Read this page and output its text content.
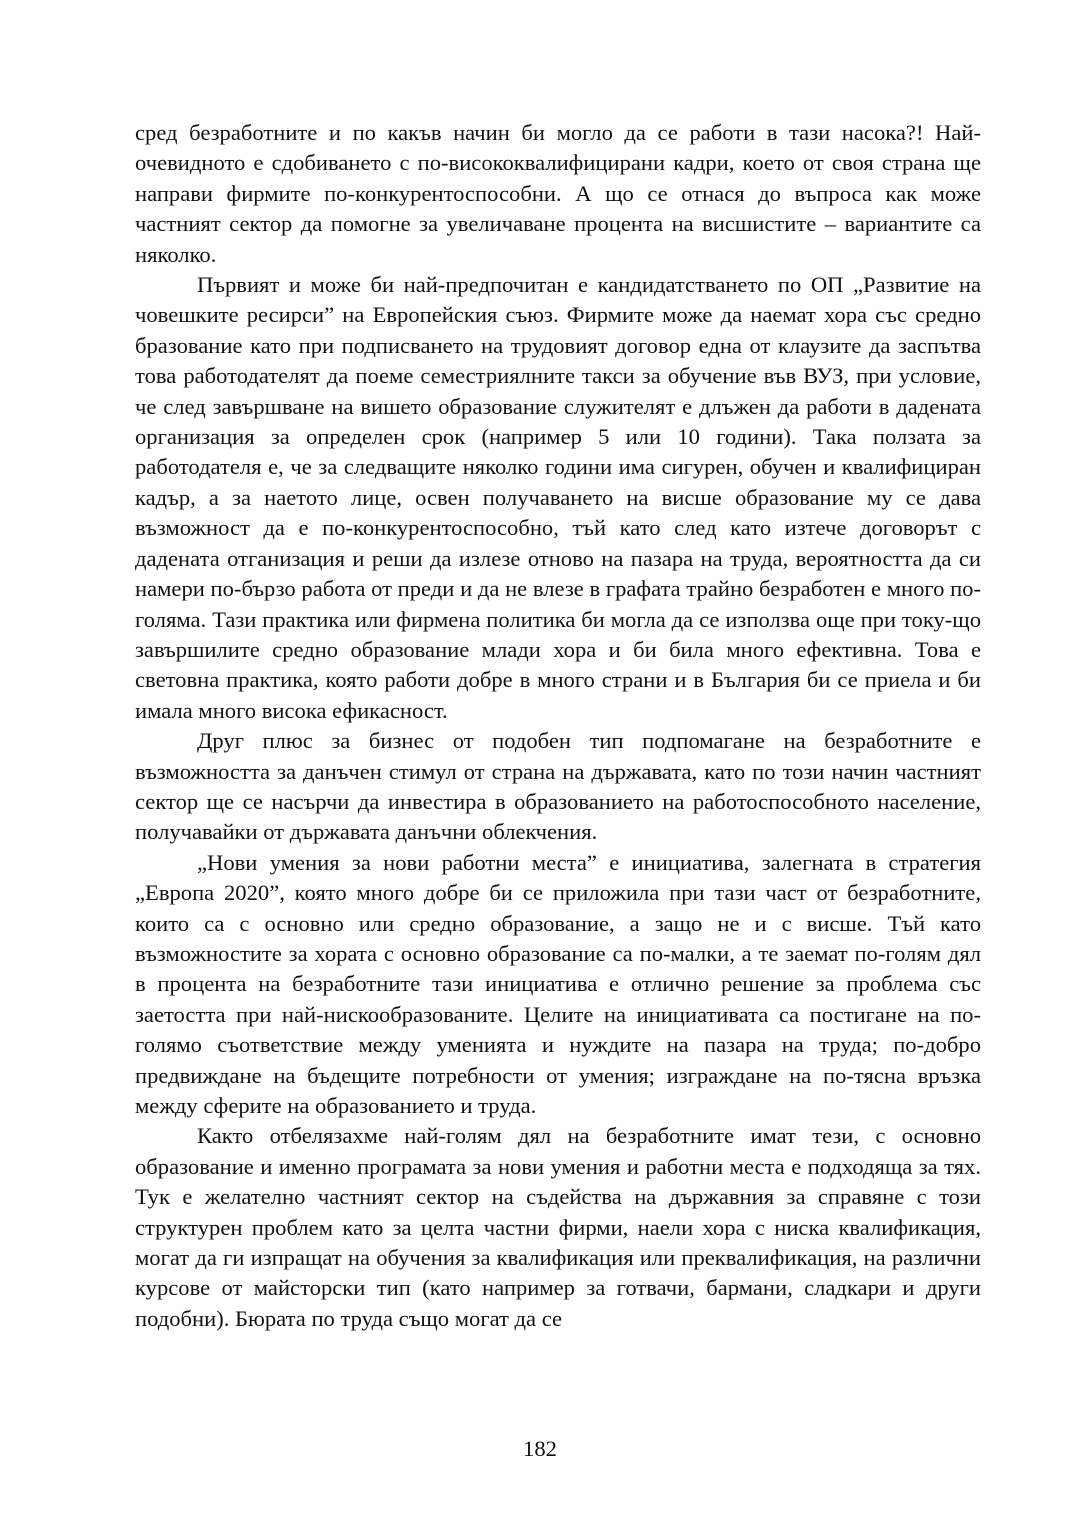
сред безработните и по какъв начин би могло да се работи в тази насока?! Най-очевидното е сдобиването с по-висококвалифицирани кадри, което от своя страна ще направи фирмите по-конкурентоспособни. А що се отнася до въпроса как може частният сектор да помогне за увеличаване процента на висшистите – вариантите са няколко.

Първият и може би най-предпочитан е кандидатстването по ОП „Развитие на човешките ресирси” на Европейския съюз. Фирмите може да наемат хора със средно бразование като при подписването на трудовият договор една от клаузите да заспътва това работодателят да поеме семестриялните такси за обучение във ВУЗ, при условие, че след завършване на вишето образование служителят е длъжен да работи в дадената организация за определен срок (например 5 или 10 години). Така ползата за работодателя е, че за следващите няколко години има сигурен, обучен и квалифициран кадър, а за наетото лице, освен получаването на висше образование му се дава възможност да е по-конкурентоспособно, тъй като след като изтече договорът с дадената отганизация и реши да излезе отново на пазара на труда, вероятността да си намери по-бързо работа от преди и да не влезе в графата трайно безработен е много по-голяма. Тази практика или фирмена политика би могла да се използва още при току-що завършилите средно образование млади хора и би била много ефективна. Това е световна практика, която работи добре в много страни и в България би се приела и би имала много висока ефикасност.

Друг плюс за бизнес от подобен тип подпомагане на безработните е възможността за данъчен стимул от страна на държавата, като по този начин частният сектор ще се насърчи да инвестира в образованието на работоспособното население, получавайки от държавата данъчни облекчения.

„Нови умения за нови работни места” е инициатива, залегната в стратегия „Европа 2020”, която много добре би се приложила при тази част от безработните, които са с основно или средно образование, а защо не и с висше. Тъй като възможностите за хората с основно образование са по-малки, а те заемат по-голям дял в процента на безработните тази инициатива е отлично решение за проблема със заетостта при най-нискообразованите. Целите на инициативата са постигане на по-голямо съответствие между уменията и нуждите на пазара на труда; по-добро предвиждане на бъдещите потребности от умения; изграждане на по-тясна връзка между сферите на образованието и труда.

Както отбелязахме най-голям дял на безработните имат тези, с основно образование и именно програмата за нови умения и работни места е подходяща за тях. Тук е желателно частният сектор на съдейства на държавния за справяне с този структурен проблем като за целта частни фирми, наели хора с ниска квалификация, могат да ги изпращат на обучения за квалификация или преквалификация, на различни курсове от майсторски тип (като например за готвачи, бармани, сладкари и други подобни). Бюрата по труда също могат да се

182
